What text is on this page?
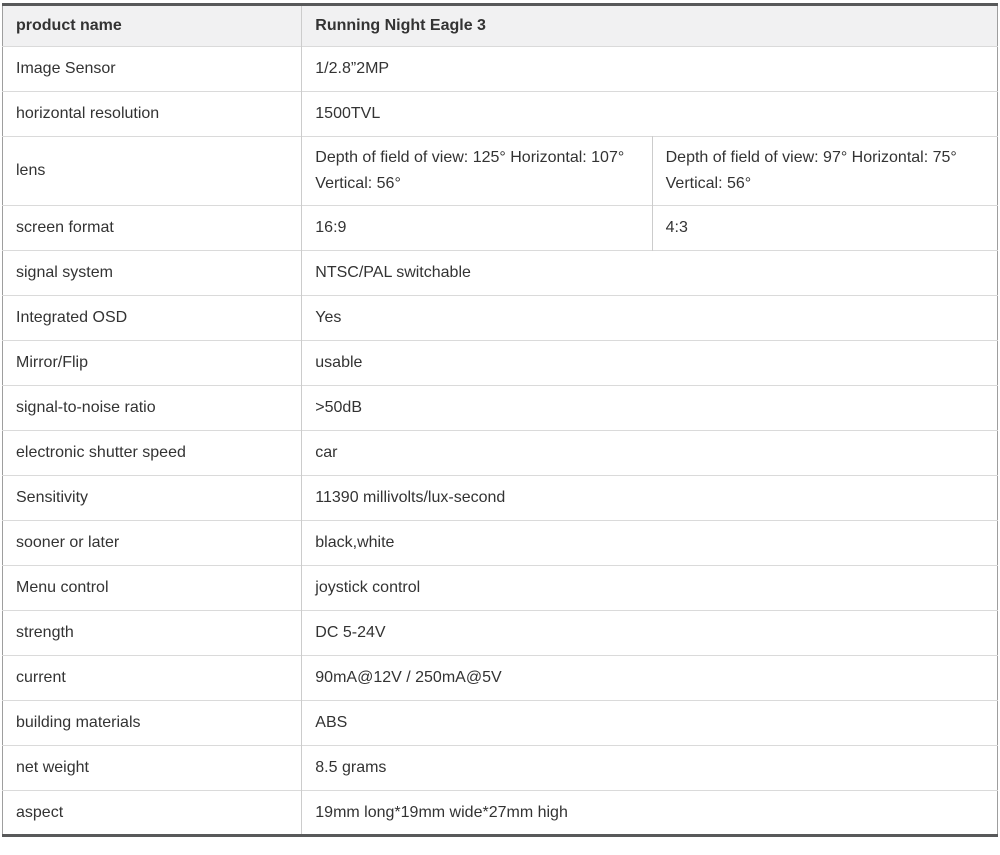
product name	Running Night Eagle 3	
Image Sensor	1/2.8”2MP	
horizontal resolution	1500TVL	
lens	Depth of field of view: 125° Horizontal: 107° Vertical: 56°	Depth of field of view: 97° Horizontal: 75° Vertical: 56°
screen format	16:9	4:3
signal system	NTSC/PAL switchable	
Integrated OSD	Yes	
Mirror/Flip	usable	
signal-to-noise ratio	>50dB	
electronic shutter speed	car	
Sensitivity	11390 millivolts/lux-second	
sooner or later	black,white	
Menu control	joystick control	
strength	DC 5-24V	
current	90mA@12V / 250mA@5V	
building materials	ABS	
net weight	8.5 grams	
aspect	19mm long*19mm wide*27mm high	
